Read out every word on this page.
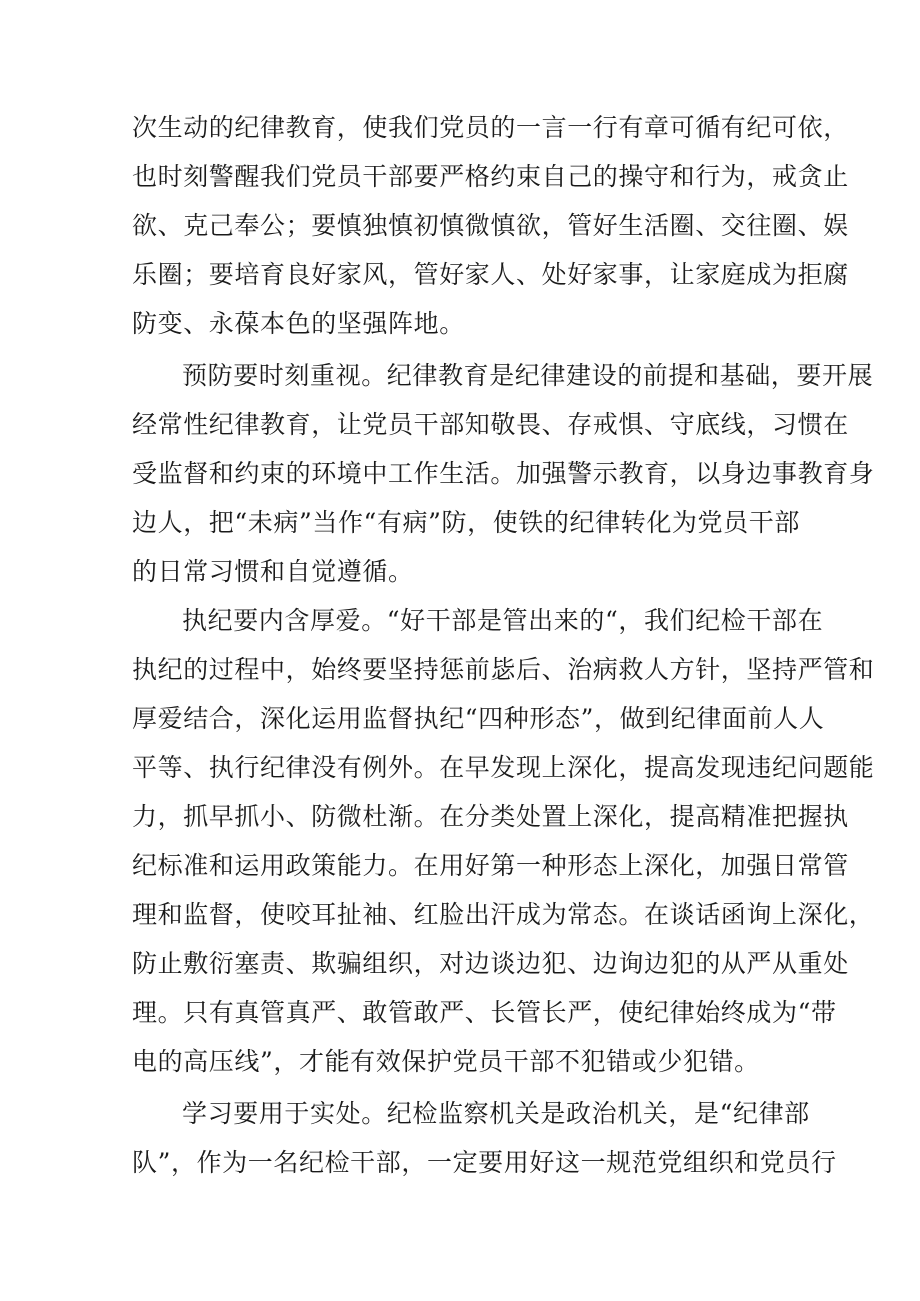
次生动的纪律教育，使我们党员的一言一行有章可循有纪可依，
也时刻警醒我们党员干部要严格约束自己的操守和行为，戒贪止
欲、克己奉公；要慎独慎初慎微慎欲，管好生活圈、交往圈、娱
乐圈；要培育良好家风，管好家人、处好家事，让家庭成为拒腐
防变、永葆本色的坚强阵地。
预防要时刻重视。纪律教育是纪律建设的前提和基础，要开展
经常性纪律教育，让党员干部知敬畏、存戒惧、守底线，习惯在
受监督和约束的环境中工作生活。加强警示教育，以身边事教育身
边人，把“未病”当作“有病”防，使铁的纪律转化为党员干部
的日常习惯和自觉遵循。
执纪要内含厚爱。“好干部是管出来的“，我们纪检干部在
执纪的过程中，始终要坚持惩前毖后、治病救人方针，坚持严管和
厚爱结合，深化运用监督执纪“四种形态”，做到纪律面前人人
平等、执行纪律没有例外。在早发现上深化，提高发现违纪问题能
力，抓早抓小、防微杜渐。在分类处置上深化，提高精准把握执
纪标准和运用政策能力。在用好第一种形态上深化，加强日常管
理和监督，使咬耳扯袖、红脸出汗成为常态。在谈话函询上深化，
防止敷衍塞责、欺骗组织，对边谈边犯、边询边犯的从严从重处
理。只有真管真严、敢管敢严、长管长严，使纪律始终成为“带
电的高压线”，才能有效保护党员干部不犯错或少犯错。
学习要用于实处。纪检监察机关是政治机关，是“纪律部
队”，作为一名纪检干部，一定要用好这一规范党组织和党员行
